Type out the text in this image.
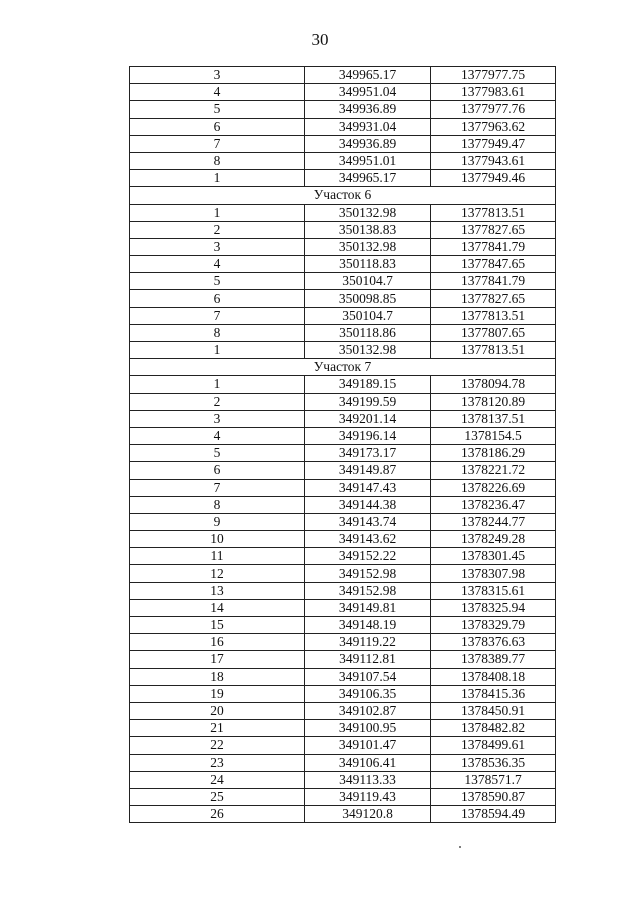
30
3	349965.17	1377977.75
4	349951.04	1377983.61
5	349936.89	1377977.76
6	349931.04	1377963.62
7	349936.89	1377949.47
8	349951.01	1377943.61
1	349965.17	1377949.46
Участок 6		
1	350132.98	1377813.51
2	350138.83	1377827.65
3	350132.98	1377841.79
4	350118.83	1377847.65
5	350104.7	1377841.79
6	350098.85	1377827.65
7	350104.7	1377813.51
8	350118.86	1377807.65
1	350132.98	1377813.51
Участок 7		
1	349189.15	1378094.78
2	349199.59	1378120.89
3	349201.14	1378137.51
4	349196.14	1378154.5
5	349173.17	1378186.29
6	349149.87	1378221.72
7	349147.43	1378226.69
8	349144.38	1378236.47
9	349143.74	1378244.77
10	349143.62	1378249.28
11	349152.22	1378301.45
12	349152.98	1378307.98
13	349152.98	1378315.61
14	349149.81	1378325.94
15	349148.19	1378329.79
16	349119.22	1378376.63
17	349112.81	1378389.77
18	349107.54	1378408.18
19	349106.35	1378415.36
20	349102.87	1378450.91
21	349100.95	1378482.82
22	349101.47	1378499.61
23	349106.41	1378536.35
24	349113.33	1378571.7
25	349119.43	1378590.87
26	349120.8	1378594.49
